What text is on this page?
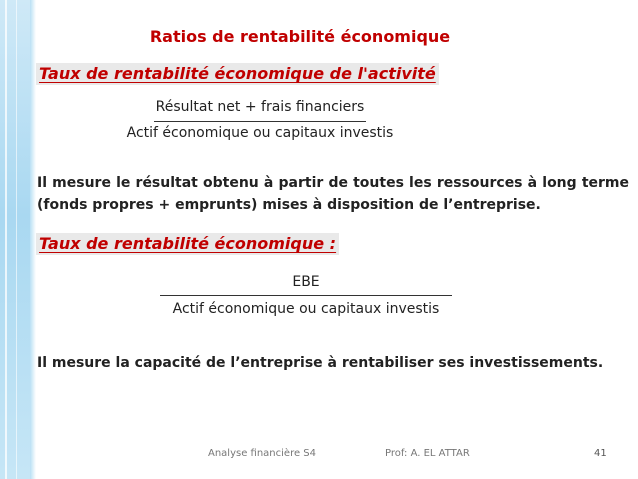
Ratios de rentabilité économique
Taux de rentabilité économique de l'activité
Résultat net + frais financiers
Actif économique ou capitaux investis
Il mesure le résultat obtenu à partir de toutes les ressources à long terme (fonds propres + emprunts) mises à disposition de l’entreprise.
Taux de rentabilité économique :
EBE
Actif économique ou capitaux investis
Il mesure la capacité de l’entreprise à rentabiliser ses investissements.
Analyse financière S4	Prof: A. EL ATTAR	41
